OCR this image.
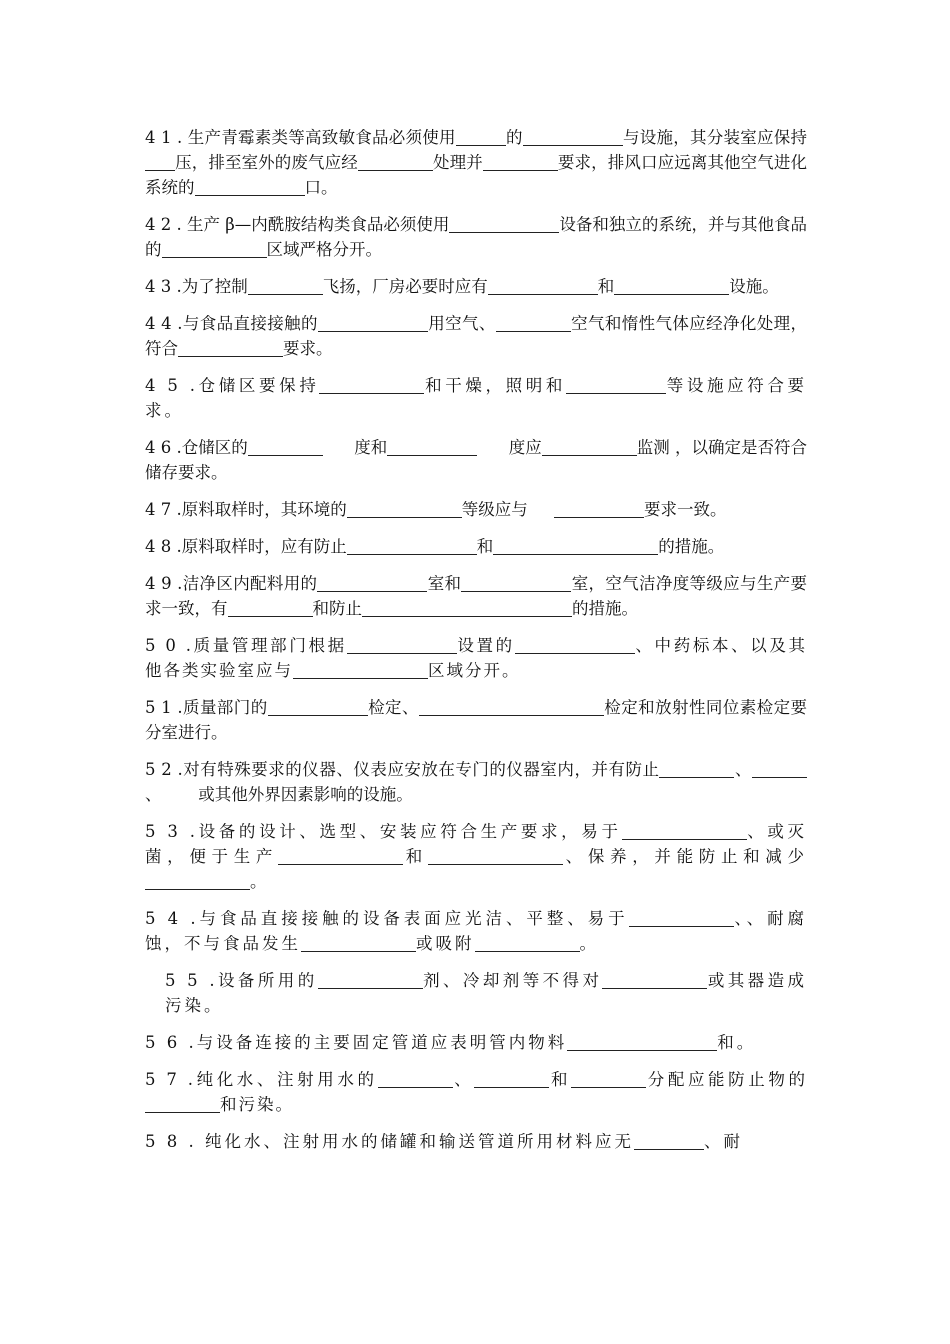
4 1 . 生产青霉素类等高致敏食品必须使用	的	与设施，其分装室应保持压，排至室外的废气应经	处理并	要求，排风口应远离其他空气进化系统的	口。

4 2 . 生产 β—内酰胺结构类食品必须使用	设备和独立的系统，并与其他食品的	区域严格分开。

4 3 .为了控制	飞扬，厂房必要时应有	和	设施。

4 4 .与食品直接接触的	用空气、	空气和惰性气体应经净化处理，符合	要求。

4 5 .仓储区要保持	和干燥，照明和	等设施应符合要求。

4 6 .仓储区的	度和	度应	监测 ，以确定是否符合储存要求。

4 7 .原料取样时，其环境的	等级应与	要求一致。

4 8 .原料取样时，应有防止	和	的措施。

4 9 .洁净区内配料用的	室和	室，空气洁净度等级应与生产要求一致，有	和防止	的措施。

5 0 .质量管理部门根据	设置的	、中药标本、以及其他各类实验室应与	区域分开。

5 1 .质量部门的	检定、	检定和放射性同位素检定要分室进行。

5 2 .对有特殊要求的仪器、仪表应安放在专门的仪器室内，并有防止	、、 或其他外界因素影响的设施。

5 3 .设备的设计、选型、安装应符合生产要求，易于	、或灭菌，便于生产	和	、保养，并能防止和减少。

5 4 .与食品直接接触的设备表面应光洁、平整、易于	、、耐腐蚀，不与食品发生	或吸附	。

5 5 .设备所用的	剂、冷却剂等不得对	或其器造成污染。

5 6 .与设备连接的主要固定管道应表明管内物料	和。

5 7 .纯化水、注射用水的	、	和	分配应能防止物的和污染。

5 8 . 纯化水、注射用水的储罐和输送管道所用材料应无	、耐
